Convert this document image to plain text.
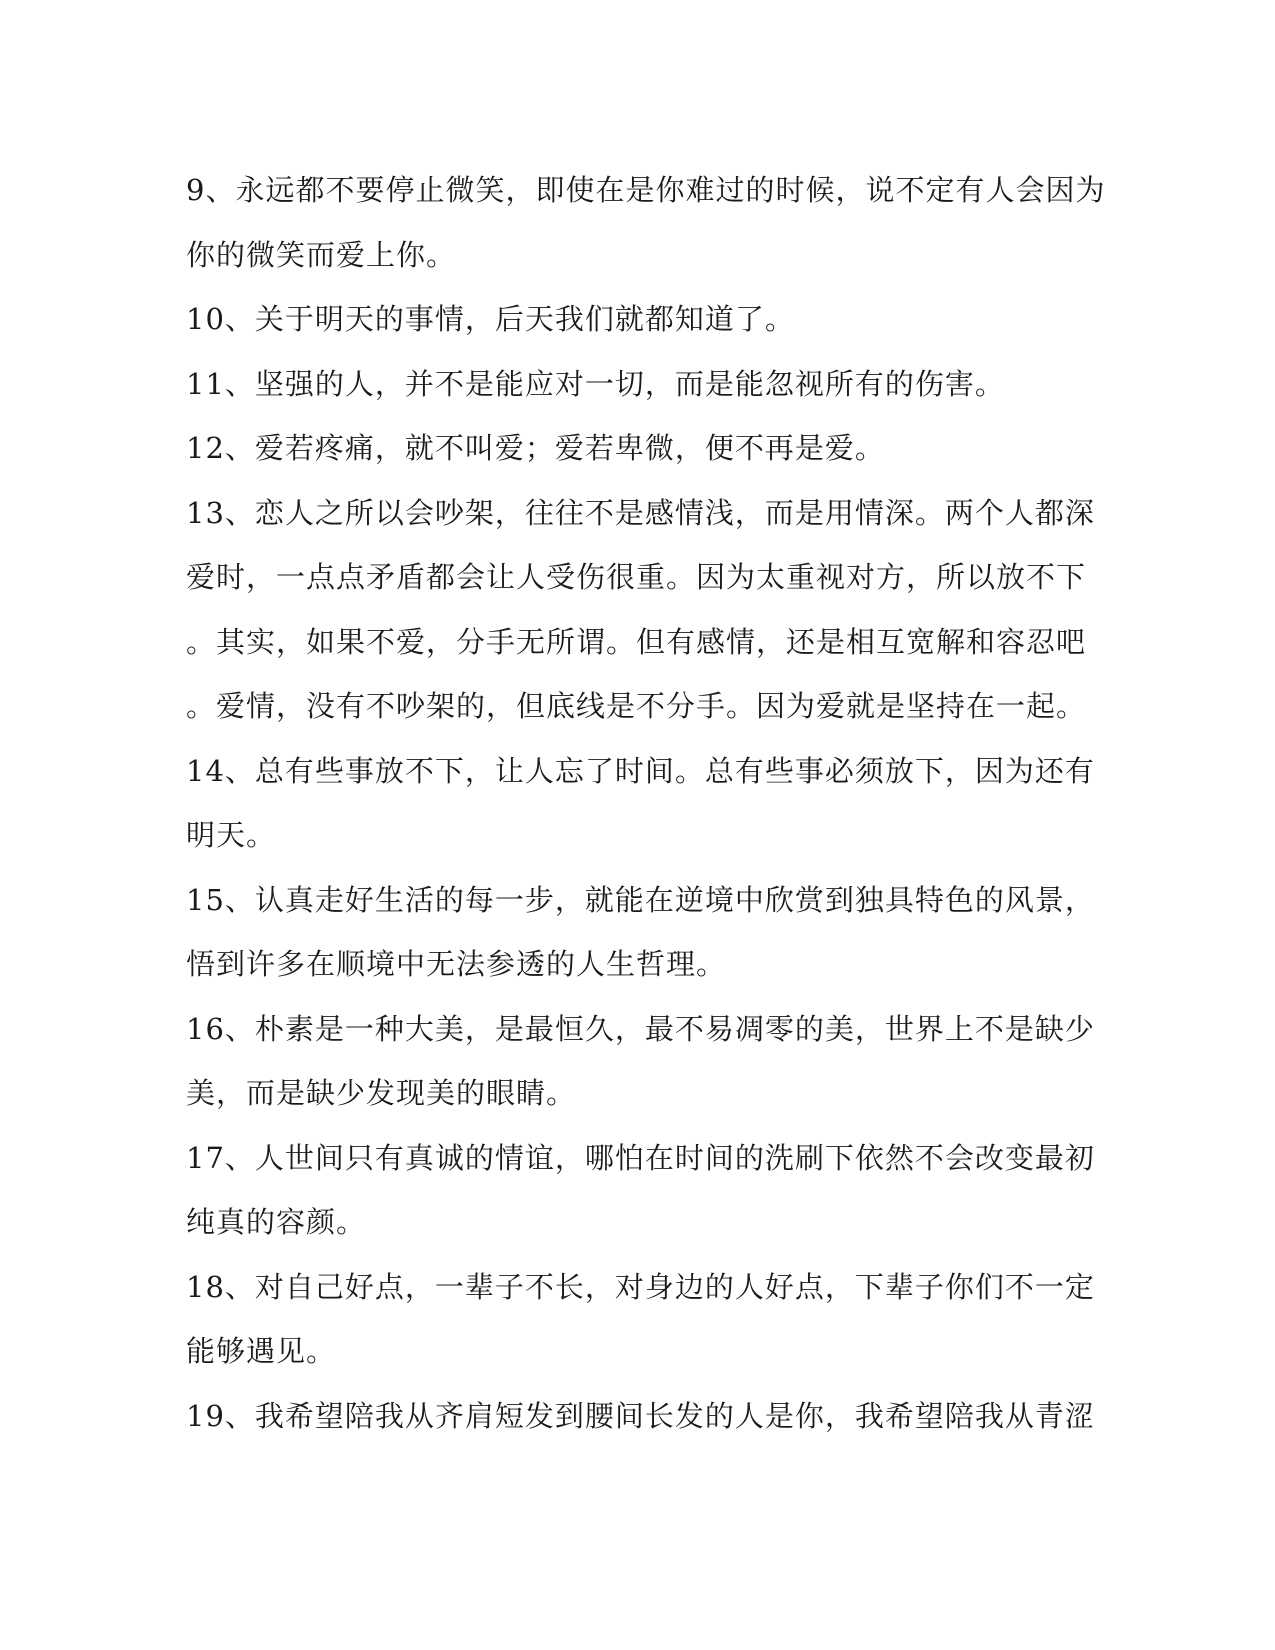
9、永远都不要停止微笑，即使在是你难过的时候，说不定有人会因为
你的微笑而爱上你。
10、关于明天的事情，后天我们就都知道了。
11、坚强的人，并不是能应对一切，而是能忽视所有的伤害。
12、爱若疼痛，就不叫爱；爱若卑微，便不再是爱。
13、恋人之所以会吵架，往往不是感情浅，而是用情深。两个人都深
爱时，一点点矛盾都会让人受伤很重。因为太重视对方，所以放不下
。其实，如果不爱，分手无所谓。但有感情，还是相互宽解和容忍吧
。爱情，没有不吵架的，但底线是不分手。因为爱就是坚持在一起。
14、总有些事放不下，让人忘了时间。总有些事必须放下，因为还有
明天。
15、认真走好生活的每一步，就能在逆境中欣赏到独具特色的风景，
悟到许多在顺境中无法参透的人生哲理。
16、朴素是一种大美，是最恒久，最不易凋零的美，世界上不是缺少
美，而是缺少发现美的眼睛。
17、人世间只有真诚的情谊，哪怕在时间的洗刷下依然不会改变最初
纯真的容颜。
18、对自己好点，一辈子不长，对身边的人好点，下辈子你们不一定
能够遇见。
19、我希望陪我从齐肩短发到腰间长发的人是你，我希望陪我从青涩
